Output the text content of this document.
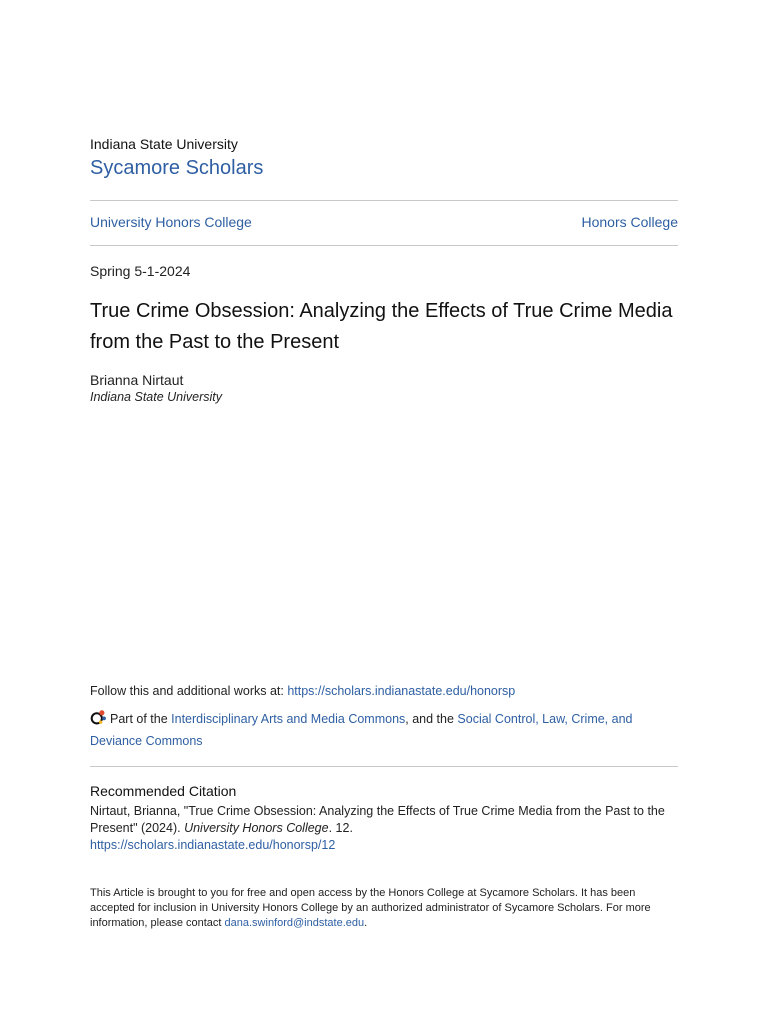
Indiana State University
Sycamore Scholars
University Honors College	Honors College
Spring 5-1-2024
True Crime Obsession: Analyzing the Effects of True Crime Media from the Past to the Present
Brianna Nirtaut
Indiana State University
Follow this and additional works at: https://scholars.indianastate.edu/honorsp
Part of the Interdisciplinary Arts and Media Commons, and the Social Control, Law, Crime, and Deviance Commons
Recommended Citation
Nirtaut, Brianna, "True Crime Obsession: Analyzing the Effects of True Crime Media from the Past to the Present" (2024). University Honors College. 12.
https://scholars.indianastate.edu/honorsp/12
This Article is brought to you for free and open access by the Honors College at Sycamore Scholars. It has been accepted for inclusion in University Honors College by an authorized administrator of Sycamore Scholars. For more information, please contact dana.swinford@indstate.edu.
